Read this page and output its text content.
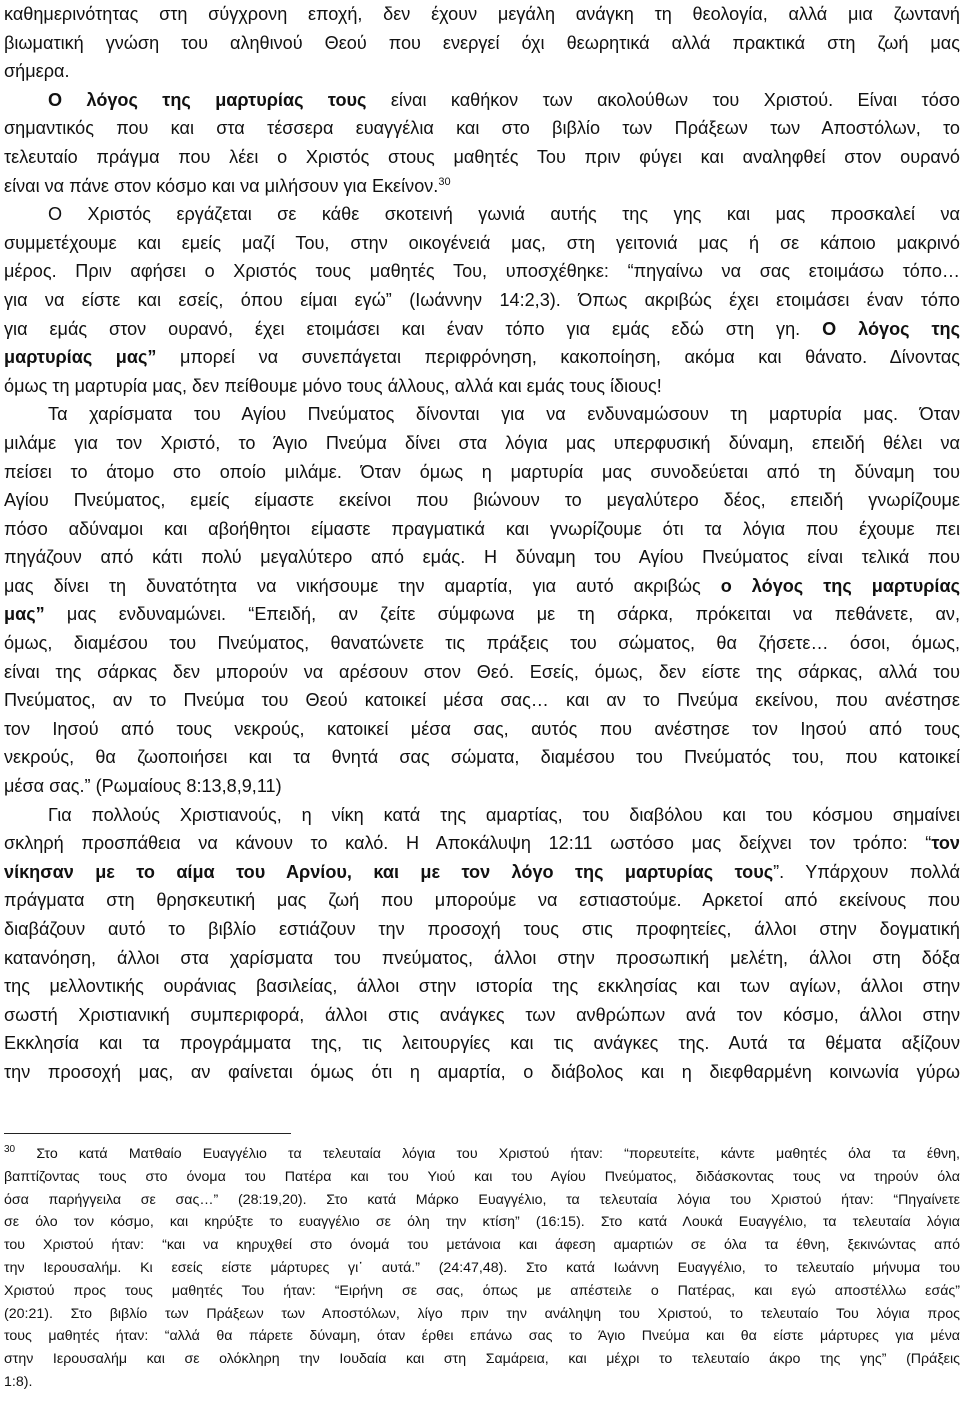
καθημερινότητας στη σύγχρονη εποχή, δεν έχουν μεγάλη ανάγκη τη θεολογία, αλλά μια ζωντανή
βιωματική γνώση του αληθινού Θεού που ενεργεί όχι θεωρητικά αλλά πρακτικά στη ζωή μας
σήμερα.
Ο λόγος της μαρτυρίας τους είναι καθήκον των ακολούθων του Χριστού. Είναι τόσο
σημαντικός που και στα τέσσερα ευαγγέλια και στο βιβλίο των Πράξεων των Αποστόλων, το
τελευταίο πράγμα που λέει ο Χριστός στους μαθητές Του πριν φύγει και αναληφθεί στον ουρανό
είναι να πάνε στον κόσμο και να μιλήσουν για Εκείνον.$^{30}$
Ο Χριστός εργάζεται σε κάθε σκοτεινή γωνιά αυτής της γης και μας προσκαλεί να
συμμετέχουμε και εμείς μαζί Του, στην οικογένειά μας, στη γειτονιά μας ή σε κάποιο μακρινό
μέρος. Πριν αφήσει ο Χριστός τους μαθητές Του, υποσχέθηκε: “πηγαίνω να σας ετοιμάσω τόπο…
για να είστε και εσείς, όπου είμαι εγώ” (Ιωάννην 14:2,3). Όπως ακριβώς έχει ετοιμάσει έναν τόπο
για εμάς στον ουρανό, έχει ετοιμάσει και έναν τόπο για εμάς εδώ στη γη. Ο λόγος της
μαρτυρίας μας” μπορεί να συνεπάγεται περιφρόνηση, κακοποίηση, ακόμα και θάνατο. Δίνοντας
όμως τη μαρτυρία μας, δεν πείθουμε μόνο τους άλλους, αλλά και εμάς τους ίδιους!
Τα χαρίσματα του Αγίου Πνεύματος δίνονται για να ενδυναμώσουν τη μαρτυρία μας. Όταν
μιλάμε για τον Χριστό, το Άγιο Πνεύμα δίνει στα λόγια μας υπερφυσική δύναμη, επειδή θέλει να
πείσει το άτομο στο οποίο μιλάμε. Όταν όμως η μαρτυρία μας συνοδεύεται από τη δύναμη του
Αγίου Πνεύματος, εμείς είμαστε εκείνοι που βιώνουν το μεγαλύτερο δέος, επειδή γνωρίζουμε
πόσο αδύναμοι και αβοήθητοι είμαστε πραγματικά και γνωρίζουμε ότι τα λόγια που έχουμε πει
πηγάζουν από κάτι πολύ μεγαλύτερο από εμάς. Η δύναμη του Αγίου Πνεύματος είναι τελικά που
μας δίνει τη δυνατότητα να νικήσουμε την αμαρτία, για αυτό ακριβώς ο λόγος της μαρτυρίας
μας” μας ενδυναμώνει. “Επειδή, αν ζείτε σύμφωνα με τη σάρκα, πρόκειται να πεθάνετε, αν,
όμως, διαμέσου του Πνεύματος, θανατώνετε τις πράξεις του σώματος, θα ζήσετε… όσοι, όμως,
είναι της σάρκας δεν μπορούν να αρέσουν στον Θεό. Εσείς, όμως, δεν είστε της σάρκας, αλλά του
Πνεύματος, αν το Πνεύμα του Θεού κατοικεί μέσα σας… και αν το Πνεύμα εκείνου, που ανέστησε
τον Ιησού από τους νεκρούς, κατοικεί μέσα σας, αυτός που ανέστησε τον Ιησού από τους
νεκρούς, θα ζωοποιήσει και τα θνητά σας σώματα, διαμέσου του Πνεύματός του, που κατοικεί
μέσα σας.” (Ρωμαίους 8:13,8,9,11)
Για πολλούς Χριστιανούς, η νίκη κατά της αμαρτίας, του διαβόλου και του κόσμου σημαίνει
σκληρή προσπάθεια να κάνουν το καλό. Η Αποκάλυψη 12:11 ωστόσο μας δείχνει τον τρόπο: “τον
νίκησαν με το αίμα του Αρνίου, και με τον λόγο της μαρτυρίας τους”. Υπάρχουν πολλά
πράγματα στη θρησκευτική μας ζωή που μπορούμε να εστιαστούμε. Αρκετοί από εκείνους που
διαβάζουν αυτό το βιβλίο εστιάζουν την προσοχή τους στις προφητείες, άλλοι στην δογματική
κατανόηση, άλλοι στα χαρίσματα του πνεύματος, άλλοι στην προσωπική μελέτη, άλλοι στη δόξα
της μελλοντικής ουράνιας βασιλείας, άλλοι στην ιστορία της εκκλησίας και των αγίων, άλλοι στην
σωστή Χριστιανική συμπεριφορά, άλλοι στις ανάγκες των ανθρώπων ανά τον κόσμο, άλλοι στην
Εκκλησία και τα προγράμματα της, τις λειτουργίες και τις ανάγκες της. Αυτά τα θέματα αξίζουν
την προσοχή μας, αν φαίνεται όμως ότι η αμαρτία, ο διάβολος και η διεφθαρμένη κοινωνία γύρω
$^{30}$ Στο κατά Ματθαίο Ευαγγέλιο τα τελευταία λόγια του Χριστού ήταν: “πορευτείτε, κάντε μαθητές όλα τα έθνη,
βαπτίζοντας τους στο όνομα του Πατέρα και του Υιού και του Αγίου Πνεύματος, διδάσκοντας τους να τηρούν όλα
όσα παρήγγειλα σε σας…” (28:19,20). Στο κατά Μάρκο Ευαγγέλιο, τα τελευταία λόγια του Χριστού ήταν: “Πηγαίνετε
σε όλο τον κόσμο, και κηρύξτε το ευαγγέλιο σε όλη την κτίση” (16:15). Στο κατά Λουκά Ευαγγέλιο, τα τελευταία λόγια
του Χριστού ήταν: “και να κηρυχθεί στο όνομά του μετάνοια και άφεση αμαρτιών σε όλα τα έθνη, ξεκινώντας από
την Ιερουσαλήμ. Κι εσείς είστε μάρτυρες γι᾽ αυτά.” (24:47,48). Στο κατά Ιωάννη Ευαγγέλιο, το τελευταίο μήνυμα του
Χριστού προς τους μαθητές Του ήταν: “Ειρήνη σε σας, όπως με απέστειλε ο Πατέρας, και εγώ αποστέλλω εσάς”
(20:21). Στο βιβλίο των Πράξεων των Αποστόλων, λίγο πριν την ανάληψη του Χριστού, το τελευταίο Του λόγια προς
τους μαθητές ήταν: “αλλά θα πάρετε δύναμη, όταν έρθει επάνω σας το Άγιο Πνεύμα και θα είστε μάρτυρες για μένα
στην Ιερουσαλήμ και σε ολόκληρη την Ιουδαία και στη Σαμάρεια, και μέχρι το τελευταίο άκρο της γης” (Πράξεις
1:8).
